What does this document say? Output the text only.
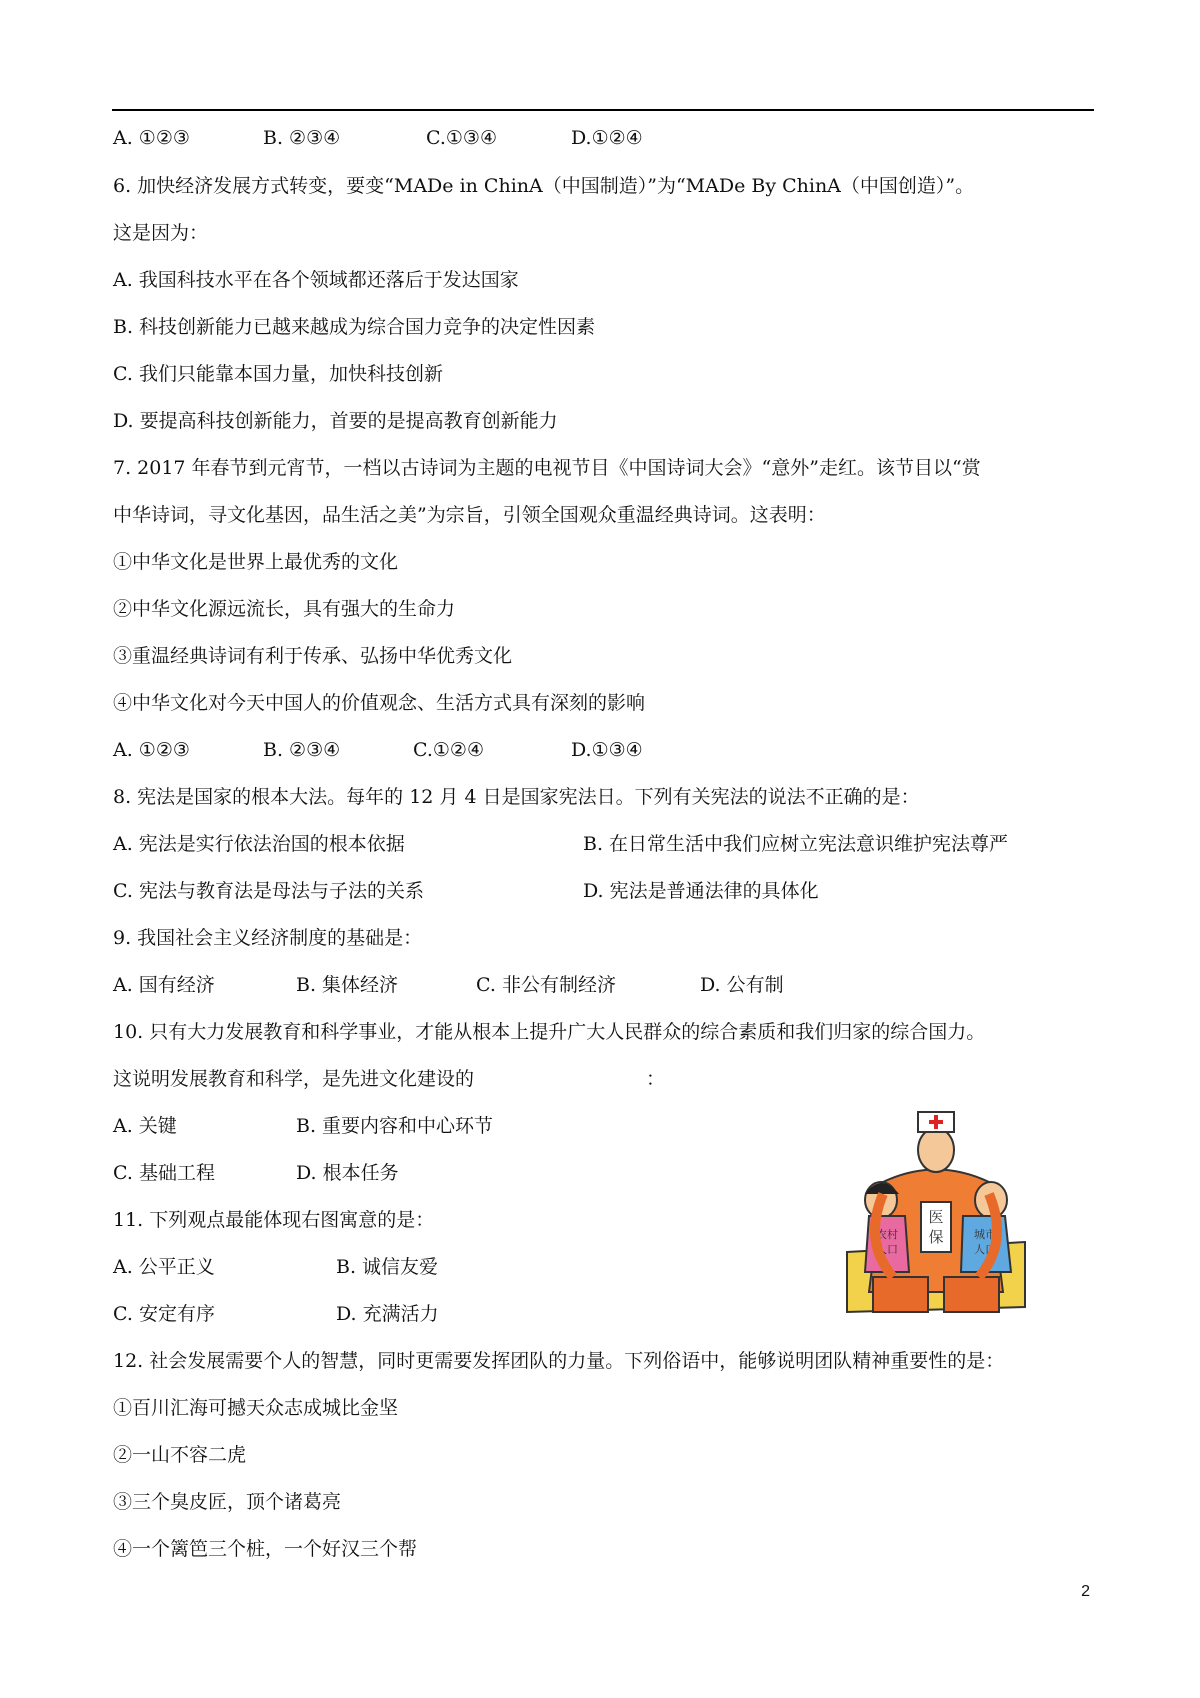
A. ①②③	B. ②③④	C.①③④	D.①②④
6. 加快经济发展方式转变，要变“MADe in ChinA（中国制造）”为“MADe By ChinA（中国创造）”。
这是因为：
A. 我国科技水平在各个领域都还落后于发达国家
B. 科技创新能力已越来越成为综合国力竞争的决定性因素
C. 我们只能靠本国力量，加快科技创新
D. 要提高科技创新能力，首要的是提高教育创新能力
7. 2017 年春节到元宵节，一档以古诗词为主题的电视节目《中国诗词大会》“意外”走红。该节目以“赏
中华诗词，寻文化基因，品生活之美”为宗旨，引领全国观众重温经典诗词。这表明：
①中华文化是世界上最优秀的文化
②中华文化源远流长，具有强大的生命力
③重温经典诗词有利于传承、弘扬中华优秀文化
④中华文化对今天中国人的价值观念、生活方式具有深刻的影响
A. ①②③	B. ②③④	C.①②④	D.①③④
8. 宪法是国家的根本大法。每年的 12 月 4 日是国家宪法日。下列有关宪法的说法不正确的是：
A. 宪法是实行依法治国的根本依据	B. 在日常生活中我们应树立宪法意识维护宪法尊严
C. 宪法与教育法是母法与子法的关系	D. 宪法是普通法律的具体化
9. 我国社会主义经济制度的基础是：
A. 国有经济	B. 集体经济	C. 非公有制经济	D. 公有制
10. 只有大力发展教育和科学事业，才能从根本上提升广大人民群众的综合素质和我们归家的综合国力。
这说明发展教育和科学，是先进文化建设的	：
A. 关键	B. 重要内容和中心环节
C. 基础工程	D. 根本任务
11. 下列观点最能体现右图寓意的是：
A. 公平正义	B. 诚信友爱
C. 安定有序	D. 充满活力
医
保
农村
人口
城市
人口
12. 社会发展需要个人的智慧，同时更需要发挥团队的力量。下列俗语中，能够说明团队精神重要性的是：
①百川汇海可撼天众志成城比金坚
②一山不容二虎
③三个臭皮匠，顶个诸葛亮
④一个篱笆三个桩，一个好汉三个帮
2
